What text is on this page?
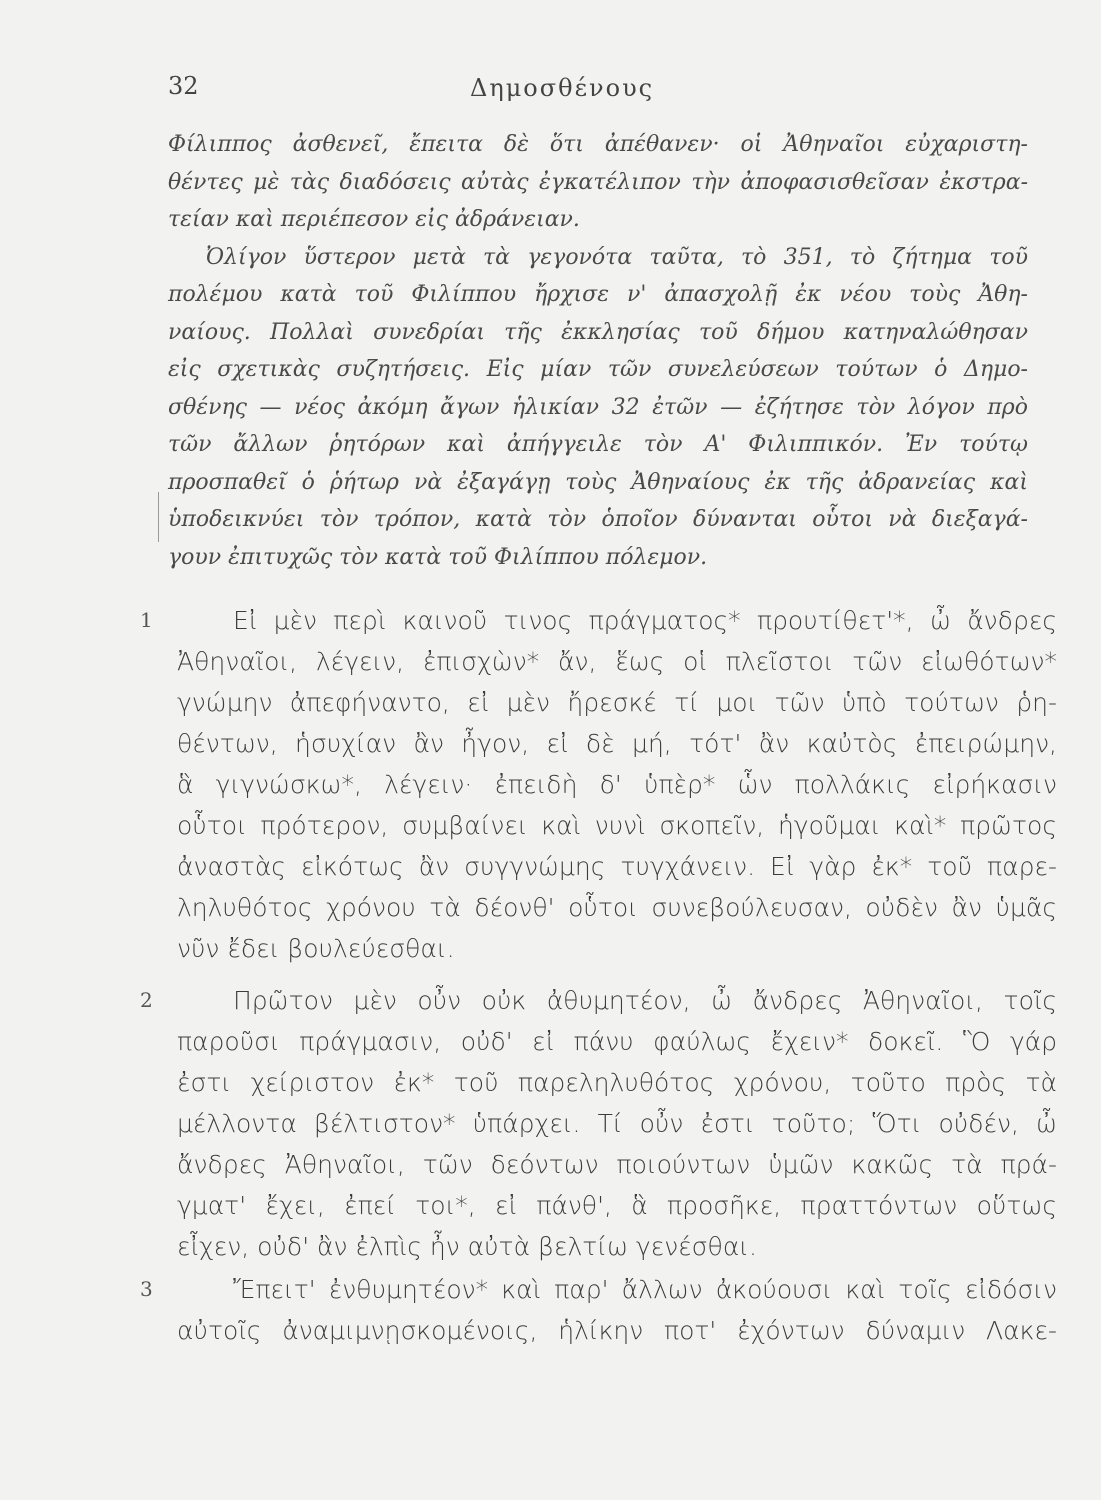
32	Δημοσθένους
Φίλιππος ἀσθενεῖ, ἔπειτα δὲ ὅτι ἀπέθανεν· οἱ Ἀθηναῖοι εὐχαριστη-
θέντες μὲ τὰς διαδόσεις αὐτὰς ἐγκατέλιπον τὴν ἀποφασισθεῖσαν ἐκστρα-
τείαν καὶ περιέπεσον εἰς ἀδράνειαν.
Ὀλίγον ὕστερον μετὰ τὰ γεγονότα ταῦτα, τὸ 351, τὸ ζήτημα τοῦ
πολέμου κατὰ τοῦ Φιλίππου ἤρχισε ν' ἀπασχολῇ ἐκ νέου τοὺς Ἀθη-
ναίους. Πολλαὶ συνεδρίαι τῆς ἐκκλησίας τοῦ δήμου κατηναλώθησαν
εἰς σχετικὰς συζητήσεις. Εἰς μίαν τῶν συνελεύσεων τούτων ὁ Δημο-
σθένης — νέος ἀκόμη ἄγων ἡλικίαν 32 ἐτῶν — ἐζήτησε τὸν λόγον πρὸ
τῶν ἄλλων ῥητόρων καὶ ἀπήγγειλε τὸν Α' Φιλιππικόν. Ἐν τούτῳ
προσπαθεῖ ὁ ῥήτωρ νὰ ἐξαγάγῃ τοὺς Ἀθηναίους ἐκ τῆς ἀδρανείας καὶ
ὑποδεικνύει τὸν τρόπον, κατὰ τὸν ὁποῖον δύνανται οὗτοι νὰ διεξαγά-
γουν ἐπιτυχῶς τὸν κατὰ τοῦ Φιλίππου πόλεμον.
1	Εἰ μὲν περὶ καινοῦ τινος πράγματος* προυτίθετ'*, ὦ ἄνδρες
Ἀθηναῖοι, λέγειν, ἐπισχὼν* ἄν, ἕως οἱ πλεῖστοι τῶν εἰωθότων*
γνώμην ἀπεφήναντο, εἰ μὲν ἤρεσκέ τί μοι τῶν ὑπὸ τούτων ῥη-
θέντων, ἡσυχίαν ἂν ἦγον, εἰ δὲ μή, τότ' ἂν καὐτὸς ἐπειρώμην,
ἃ γιγνώσκω*, λέγειν· ἐπειδὴ δ' ὑπὲρ* ὧν πολλάκις εἰρήκασιν
οὗτοι πρότερον, συμβαίνει καὶ νυνὶ σκοπεῖν, ἡγοῦμαι καὶ* πρῶτος
ἀναστὰς εἰκότως ἂν συγγνώμης τυγχάνειν. Εἰ γὰρ ἐκ* τοῦ παρε-
ληλυθότος χρόνου τὰ δέονθ' οὗτοι συνεβούλευσαν, οὐδὲν ἂν ὑμᾶς
νῦν ἔδει βουλεύεσθαι.
2	Πρῶτον μὲν οὖν οὐκ ἀθυμητέον, ὦ ἄνδρες Ἀθηναῖοι, τοῖς
παροῦσι πράγμασιν, οὐδ' εἰ πάνυ φαύλως ἔχειν* δοκεῖ. Ὃ γάρ
ἐστι χείριστον ἐκ* τοῦ παρεληλυθότος χρόνου, τοῦτο πρὸς τὰ
μέλλοντα βέλτιστον* ὑπάρχει. Τί οὖν ἐστι τοῦτο; Ὅτι οὐδέν, ὦ
ἄνδρες Ἀθηναῖοι, τῶν δεόντων ποιούντων ὑμῶν κακῶς τὰ πρά-
γματ' ἔχει, ἐπεί τοι*, εἰ πάνθ', ἃ προσῆκε, πραττόντων οὕτως
εἶχεν, οὐδ' ἂν ἐλπὶς ἦν αὐτὰ βελτίω γενέσθαι.
3	Ἔπειτ' ἐνθυμητέον* καὶ παρ' ἄλλων ἀκούουσι καὶ τοῖς εἰδόσιν
αὐτοῖς ἀναμιμνῃσκομένοις, ἡλίκην ποτ' ἐχόντων δύναμιν Λακε-
